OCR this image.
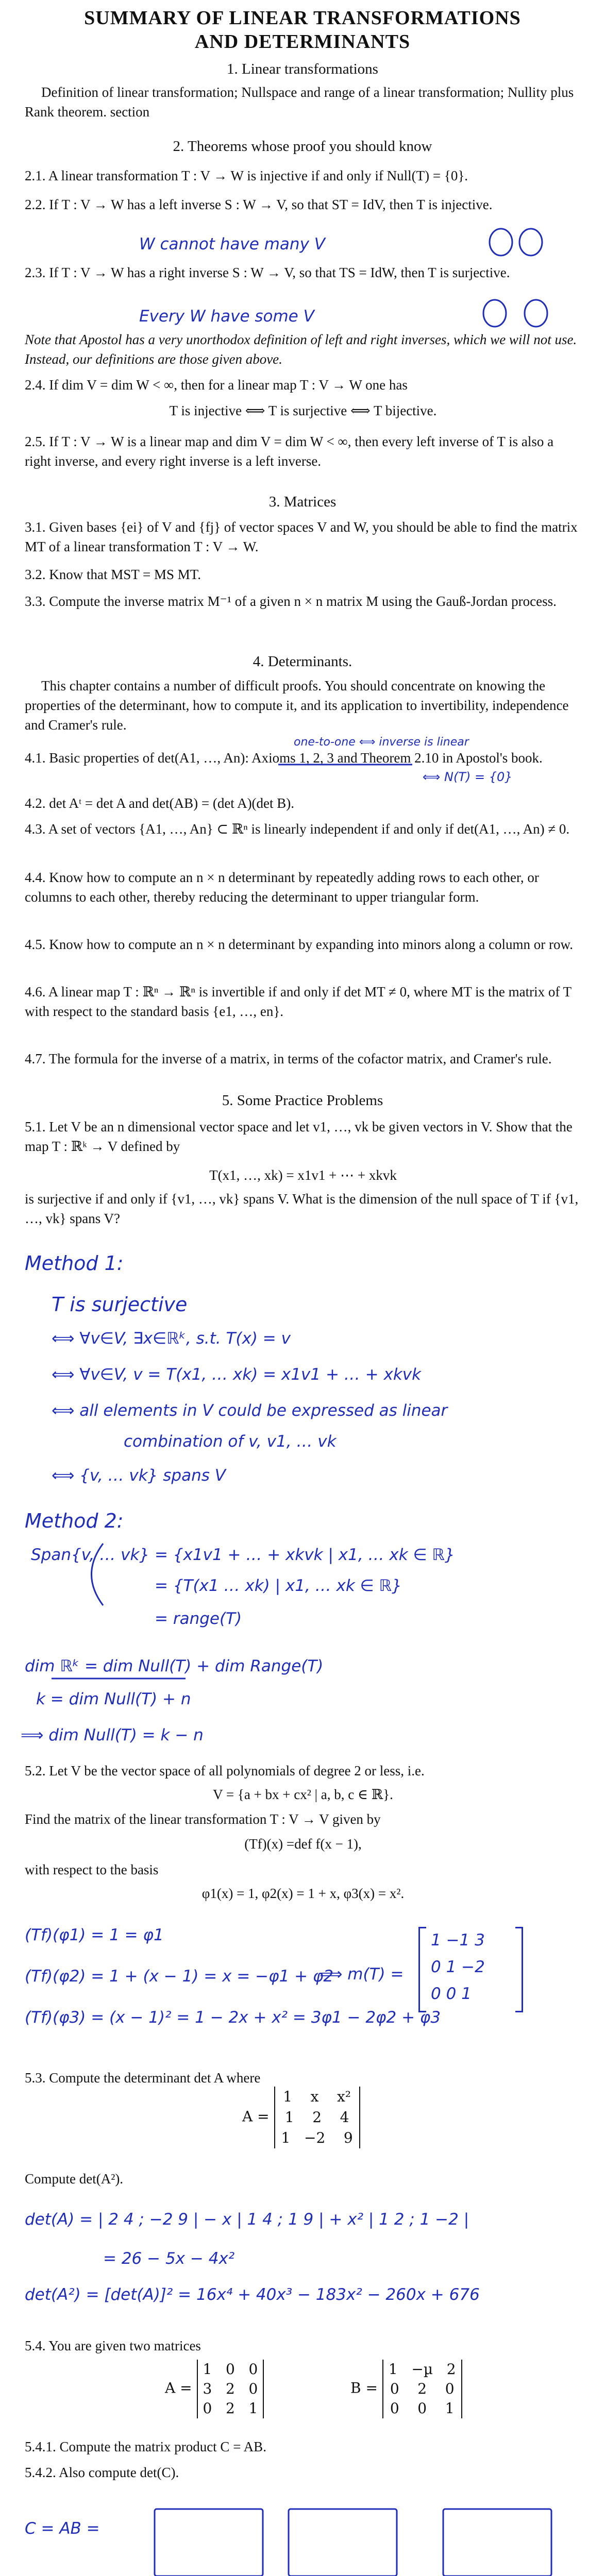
SUMMARY OF LINEAR TRANSFORMATIONS
AND DETERMINANTS
1. Linear transformations
Definition of linear transformation; Nullspace and range of a linear transformation; Nullity plus Rank theorem. section
2. Theorems whose proof you should know
2.1. A linear transformation T : V → W is injective if and only if Null(T) = {0}.
2.2. If T : V → W has a left inverse S : W → V, so that ST = IdV, then T is injective.
W cannot have many V
2.3. If T : V → W has a right inverse S : W → V, so that TS = IdW, then T is surjective.
Every W have some V
Note that Apostol has a very unorthodox definition of left and right inverses, which we will not use. Instead, our definitions are those given above.
2.4. If dim V = dim W < ∞, then for a linear map T : V → W one has
T is injective ⟺ T is surjective ⟺ T bijective.
2.5. If T : V → W is a linear map and dim V = dim W < ∞, then every left inverse of T is also a right inverse, and every right inverse is a left inverse.
3. Matrices
3.1. Given bases {ei} of V and {fj} of vector spaces V and W, you should be able to find the matrix MT of a linear transformation T : V → W.
3.2. Know that MST = MS MT.
3.3. Compute the inverse matrix M⁻¹ of a given n × n matrix M using the Gauß-Jordan process.
4. Determinants.
This chapter contains a number of difficult proofs. You should concentrate on knowing the properties of the determinant, how to compute it, and its application to invertibility, independence and Cramer's rule.
one-to-one ⟺ inverse is linear
4.1. Basic properties of det(A1, …, An): Axioms 1, 2, 3 and Theorem 2.10 in Apostol's book.
⟺ N(T) = {0}
4.2. det Aᵗ = det A and det(AB) = (det A)(det B).
4.3. A set of vectors {A1, …, An} ⊂ ℝⁿ is linearly independent if and only if det(A1, …, An) ≠ 0.
4.4. Know how to compute an n × n determinant by repeatedly adding rows to each other, or columns to each other, thereby reducing the determinant to upper triangular form.
4.5. Know how to compute an n × n determinant by expanding into minors along a column or row.
4.6. A linear map T : ℝⁿ → ℝⁿ is invertible if and only if det MT ≠ 0, where MT is the matrix of T with respect to the standard basis {e1, …, en}.
4.7. The formula for the inverse of a matrix, in terms of the cofactor matrix, and Cramer's rule.
5. Some Practice Problems
5.1. Let V be an n dimensional vector space and let v1, …, vk be given vectors in V. Show that the map T : ℝᵏ → V defined by
T(x1, …, xk) = x1v1 + ⋯ + xkvk
is surjective if and only if {v1, …, vk} spans V. What is the dimension of the null space of T if {v1, …, vk} spans V?
Method 1:
T is surjective
⟺ ∀v∈V, ∃x∈ℝᵏ, s.t. T(x) = v
⟺ ∀v∈V, v = T(x1, … xk) = x1v1 + … + xkvk
⟺ all elements in V could be expressed as linear
combination of v, v1, … vk
⟺ {v, … vk} spans V
Method 2:
Span{v, … vk} = {x1v1 + … + xkvk | x1, … xk ∈ ℝ}
= {T(x1 … xk) | x1, … xk ∈ ℝ}
= range(T)
dim ℝᵏ = dim Null(T) + dim Range(T)
k = dim Null(T) + n
⟹ dim Null(T) = k − n
5.2. Let V be the vector space of all polynomials of degree 2 or less, i.e.
V = {a + bx + cx² | a, b, c ∈ ℝ}.
Find the matrix of the linear transformation T : V → V given by
(Tf)(x) =def f(x − 1),
with respect to the basis
φ1(x) = 1, φ2(x) = 1 + x, φ3(x) = x².
(Tf)(φ1) = 1 = φ1
(Tf)(φ2) = 1 + (x − 1) = x = −φ1 + φ2
(Tf)(φ3) = (x − 1)² = 1 − 2x + x² = 3φ1 − 2φ2 + φ3
⟹ m(T) =
1 −1 3
0 1 −2
0 0 1
5.3. Compute the determinant det A where
A = 1    x    x²
1    2    4
1   −2    9
Compute det(A²).
det(A) = | 2 4 ; −2 9 | − x | 1 4 ; 1 9 | + x² | 1 2 ; 1 −2 |
= 26 − 5x − 4x²
det(A²) = [det(A)]² = 16x⁴ + 40x³ − 183x² − 260x + 676
5.4. You are given two matrices
A = 1   0   0
3   2   0
0   2   1
B = 1   −µ   2
0    2    0
0    0    1
5.4.1. Compute the matrix product C = AB.
5.4.2. Also compute det(C).
C = AB =
